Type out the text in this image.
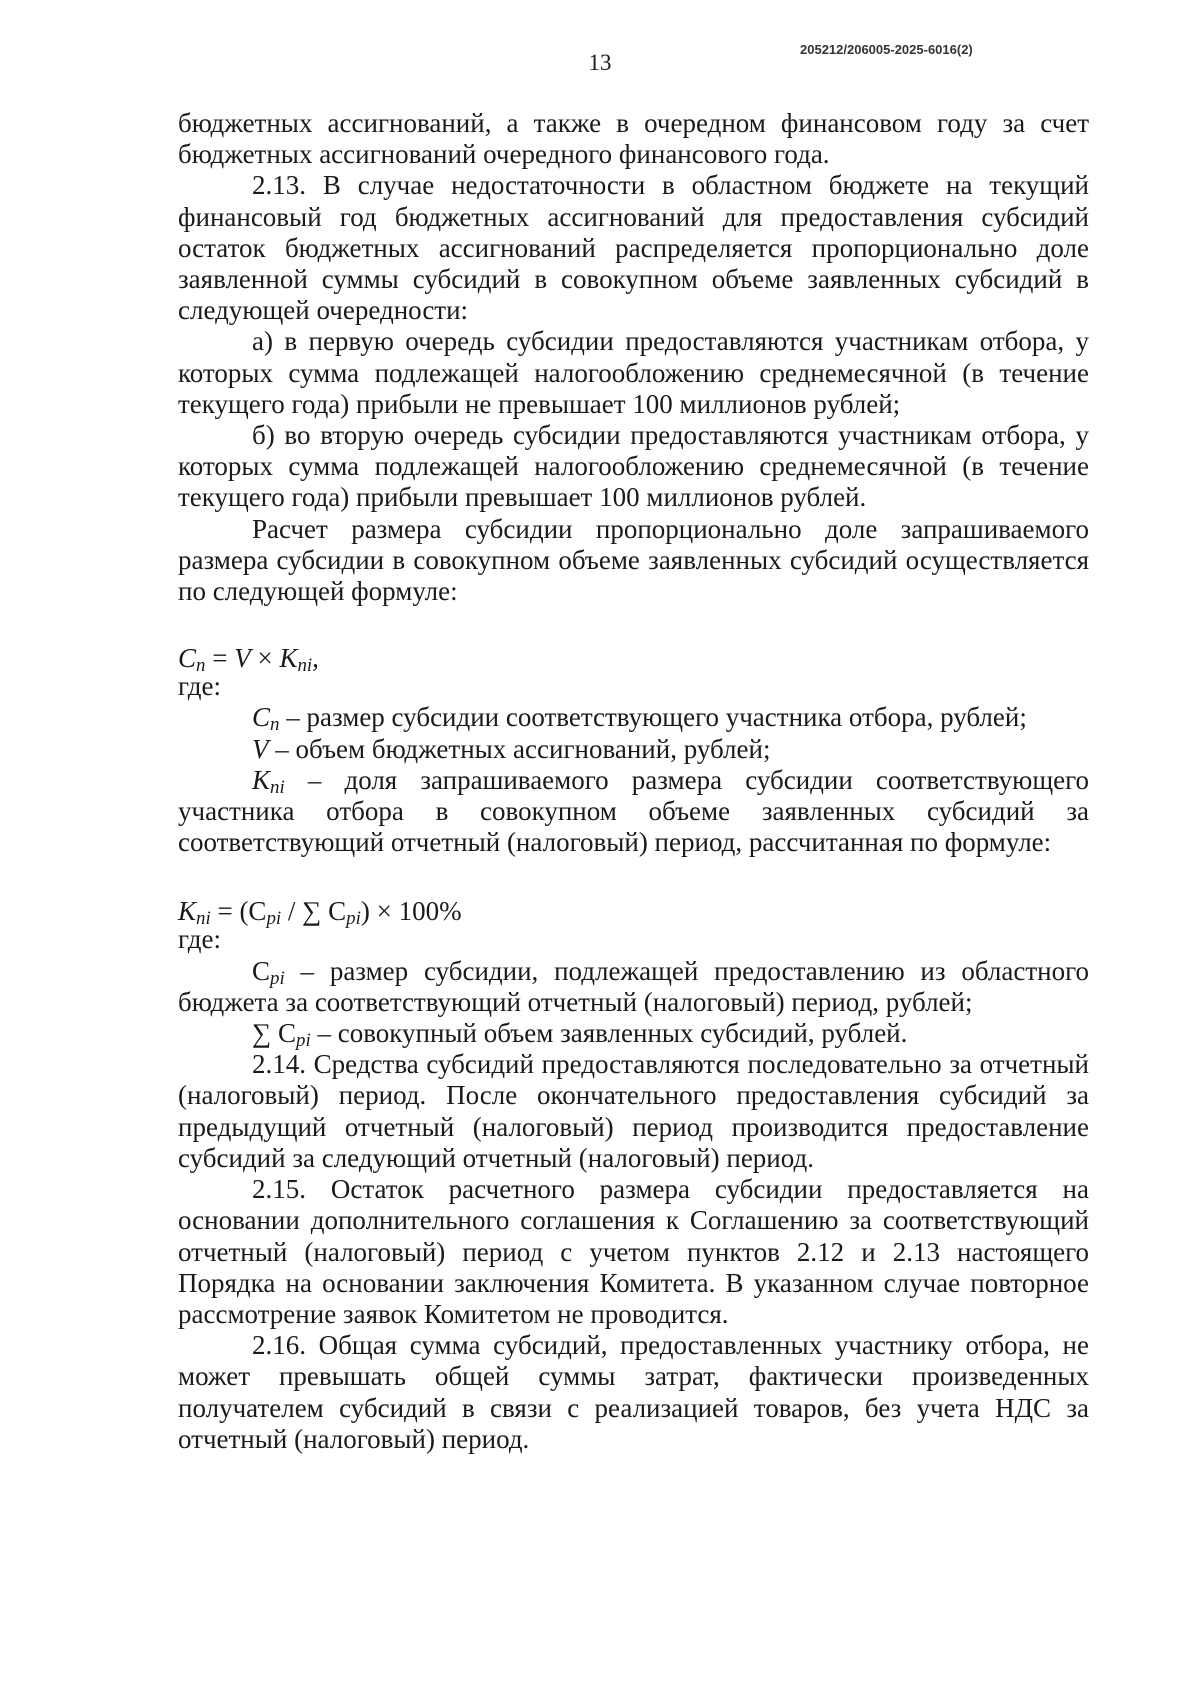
205212/206005-2025-6016(2)
13

бюджетных ассигнований, а также в очередном финансовом году за счет бюджетных ассигнований очередного финансового года.

2.13. В случае недостаточности в областном бюджете на текущий финансовый год бюджетных ассигнований для предоставления субсидий остаток бюджетных ассигнований распределяется пропорционально доле заявленной суммы субсидий в совокупном объеме заявленных субсидий в следующей очередности:

а) в первую очередь субсидии предоставляются участникам отбора, у которых сумма подлежащей налогообложению среднемесячной (в течение текущего года) прибыли не превышает 100 миллионов рублей;

б) во вторую очередь субсидии предоставляются участникам отбора, у которых сумма подлежащей налогообложению среднемесячной (в течение текущего года) прибыли превышает 100 миллионов рублей.

Расчет размера субсидии пропорционально доле запрашиваемого размера субсидии в совокупном объеме заявленных субсидий осуществляется по следующей формуле:

$C_n = V \times K_{ni}$,

где:

$C_n$ – размер субсидии соответствующего участника отбора, рублей;

V – объем бюджетных ассигнований, рублей;

$K_{ni}$ – доля запрашиваемого размера субсидии соответствующего участника отбора в совокупном объеме заявленных субсидий за соответствующий отчетный (налоговый) период, рассчитанная по формуле:

$K_{ni} = (С_{pi}$ / ∑ $С_{pi}) \times 100\%$

где:

$С_{pi}$ – размер субсидии, подлежащей предоставлению из областного бюджета за соответствующий отчетный (налоговый) период, рублей;

∑ $С_{pi}$ – совокупный объем заявленных субсидий, рублей.

2.14. Средства субсидий предоставляются последовательно за отчетный (налоговый) период. После окончательного предоставления субсидий за предыдущий отчетный (налоговый) период производится предоставление субсидий за следующий отчетный (налоговый) период.

2.15. Остаток расчетного размера субсидии предоставляется на основании дополнительного соглашения к Соглашению за соответствующий отчетный (налоговый) период с учетом пунктов 2.12 и 2.13 настоящего Порядка на основании заключения Комитета. В указанном случае повторное рассмотрение заявок Комитетом не проводится.

2.16. Общая сумма субсидий, предоставленных участнику отбора, не может превышать общей суммы затрат, фактически произведенных получателем субсидий в связи с реализацией товаров, без учета НДС за отчетный (налоговый) период.
